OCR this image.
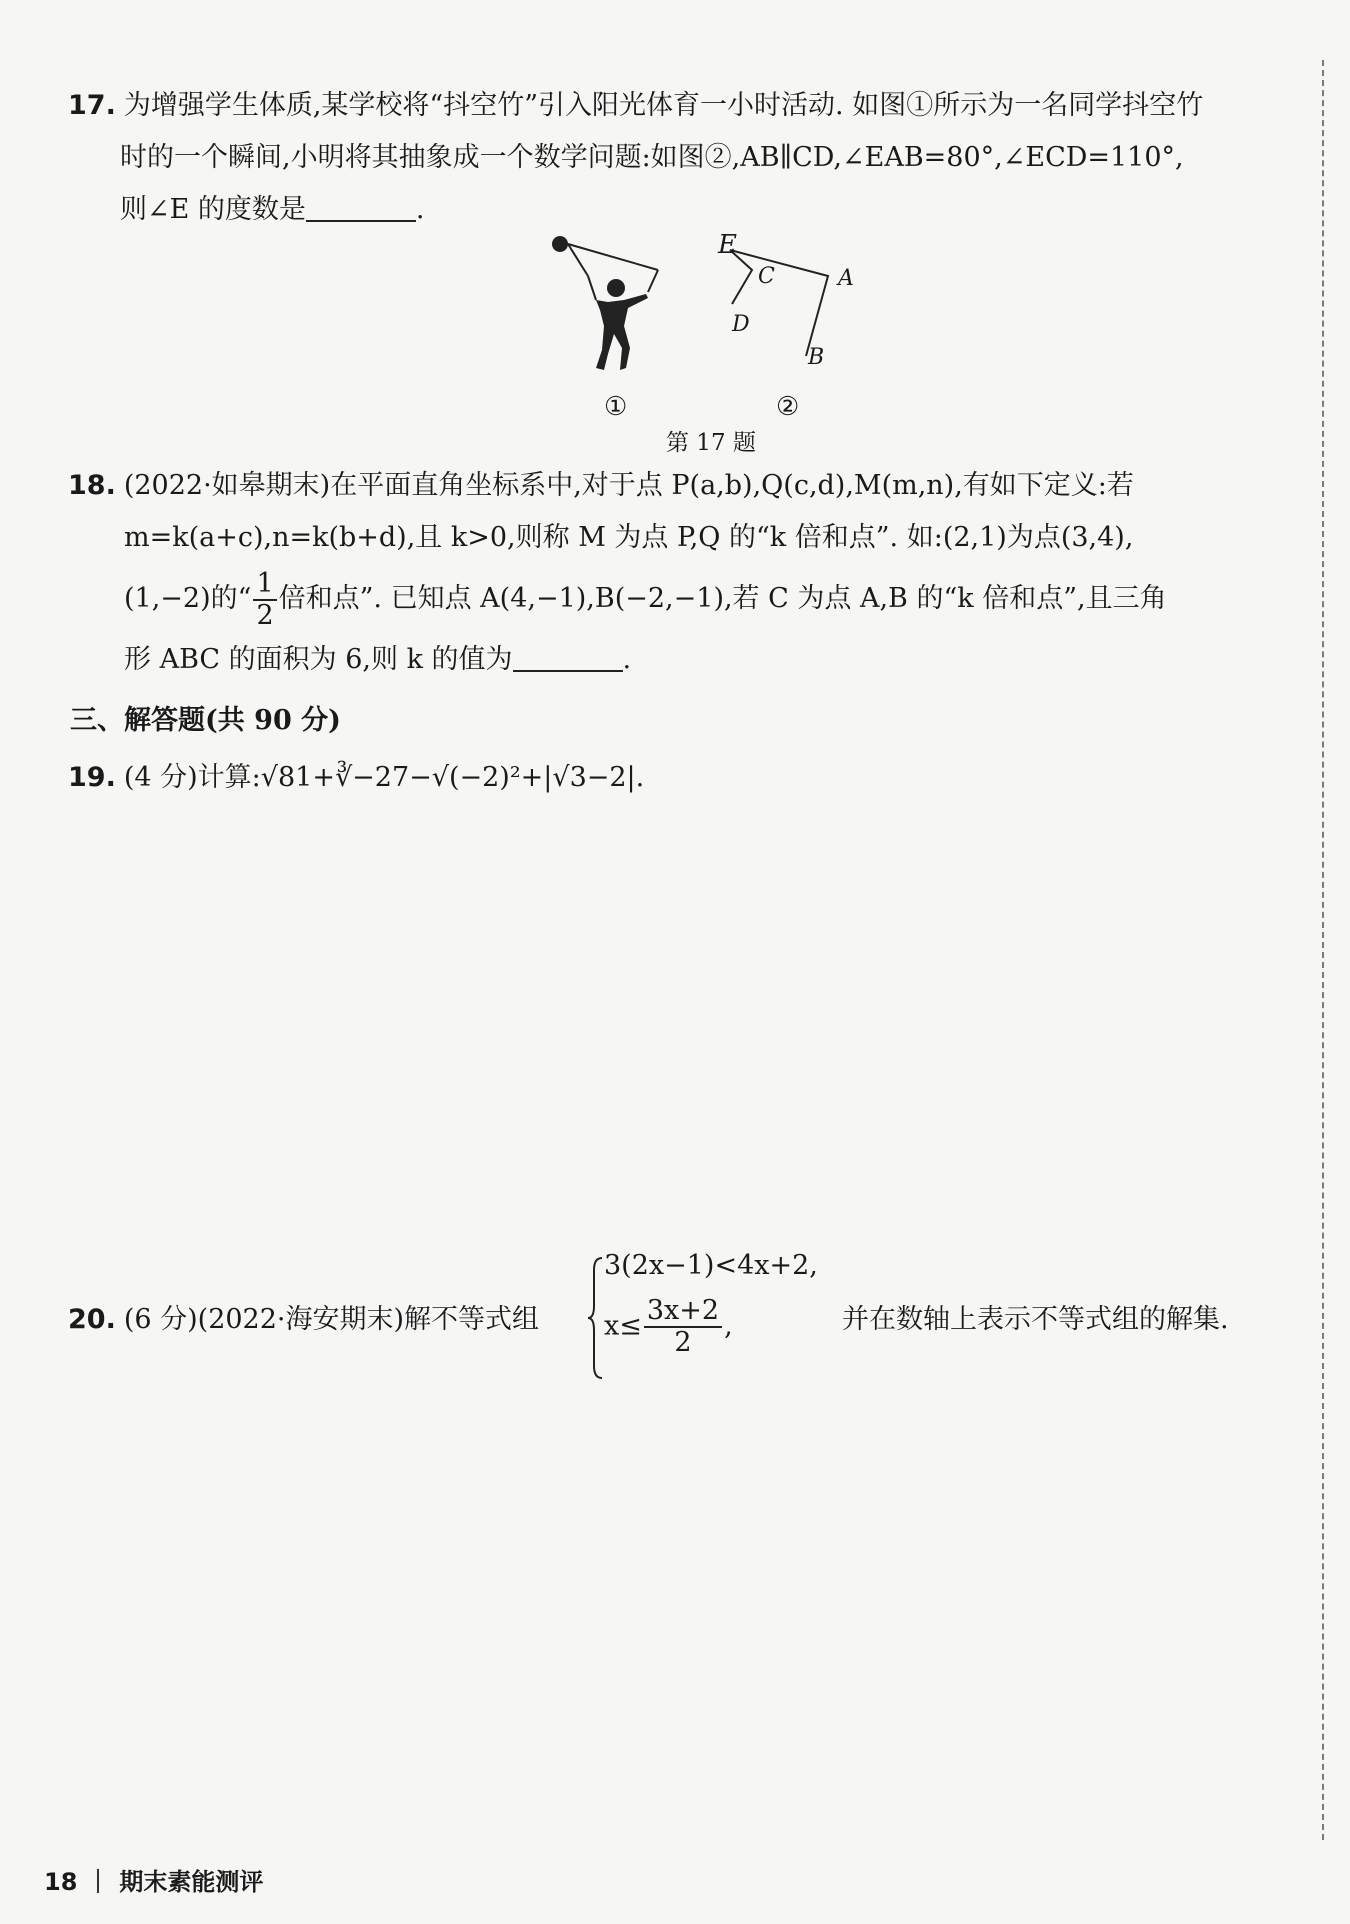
17. 为增强学生体质,某学校将“抖空竹”引入阳光体育一小时活动. 如图①所示为一名同学抖空竹
时的一个瞬间,小明将其抽象成一个数学问题:如图②,AB∥CD,∠EAB=80°,∠ECD=110°,
则∠E 的度数是	.
E
C	A
D
B
①	②
第 17 题
18. (2022·如皋期末)在平面直角坐标系中,对于点 P(a,b),Q(c,d),M(m,n),有如下定义:若
m=k(a+c),n=k(b+d),且 k>0,则称 M 为点 P,Q 的“k 倍和点”. 如:(2,1)为点(3,4),
(1,−2)的“ $\frac{1}{2}$ 倍和点”. 已知点 A(4,−1),B(−2,−1),若 C 为点 A,B 的“k 倍和点”,且三角
形 ABC 的面积为 6,则 k 的值为	.
三、解答题(共 90 分)
19. (4 分)计算:√81+∛−27−√(−2)²+|√3−2|.
20. (6 分)(2022·海安期末)解不等式组
3(2x−1)<4x+2,
$x\le \frac{3x+2}{2}$ ,	并在数轴上表示不等式组的解集.
18 期末素能测评
